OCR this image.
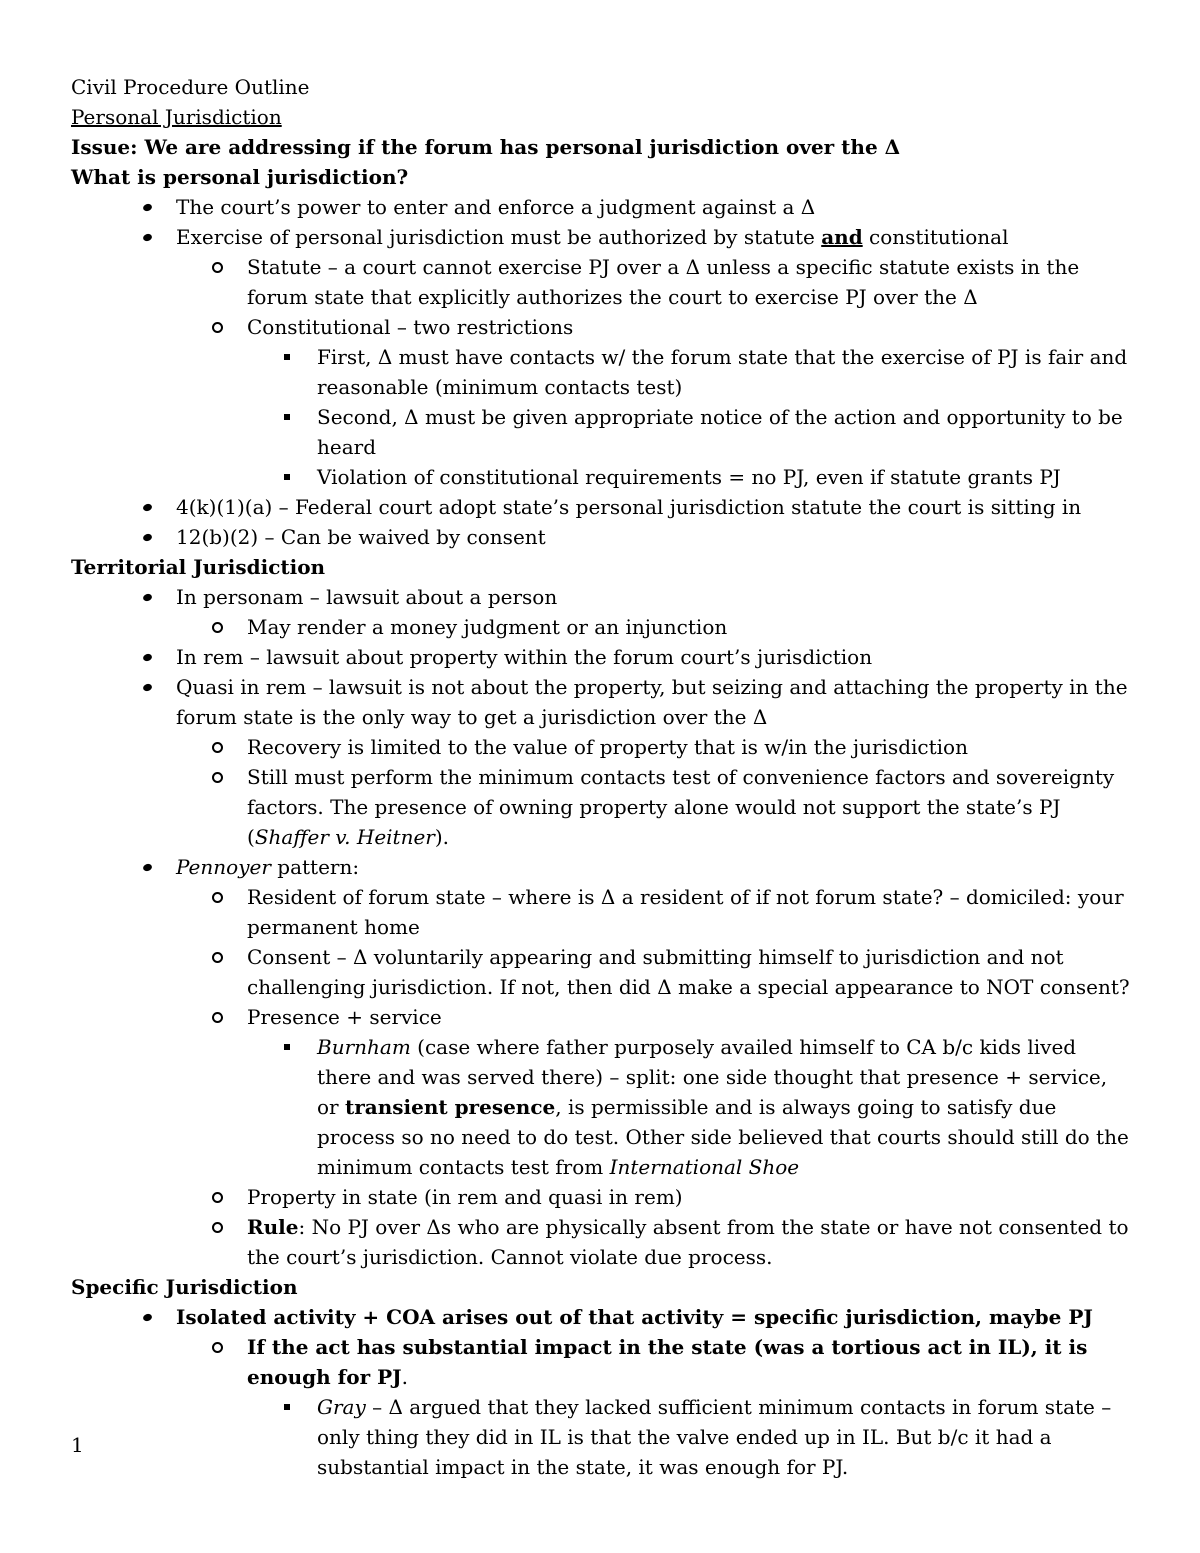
Civil Procedure Outline
Personal Jurisdiction
Issue: We are addressing if the forum has personal jurisdiction over the Δ
What is personal jurisdiction?
The court’s power to enter and enforce a judgment against a Δ
Exercise of personal jurisdiction must be authorized by statute and constitutional
Statute – a court cannot exercise PJ over a Δ unless a specific statute exists in the forum state that explicitly authorizes the court to exercise PJ over the Δ
Constitutional – two restrictions
First, Δ must have contacts w/ the forum state that the exercise of PJ is fair and reasonable (minimum contacts test)
Second, Δ must be given appropriate notice of the action and opportunity to be heard
Violation of constitutional requirements = no PJ, even if statute grants PJ
4(k)(1)(a) – Federal court adopt state’s personal jurisdiction statute the court is sitting in
12(b)(2) – Can be waived by consent
Territorial Jurisdiction
In personam – lawsuit about a person
May render a money judgment or an injunction
In rem – lawsuit about property within the forum court’s jurisdiction
Quasi in rem – lawsuit is not about the property, but seizing and attaching the property in the forum state is the only way to get a jurisdiction over the Δ
Recovery is limited to the value of property that is w/in the jurisdiction
Still must perform the minimum contacts test of convenience factors and sovereignty factors. The presence of owning property alone would not support the state’s PJ (Shaffer v. Heitner).
Pennoyer pattern:
Resident of forum state – where is Δ a resident of if not forum state? – domiciled: your permanent home
Consent – Δ voluntarily appearing and submitting himself to jurisdiction and not challenging jurisdiction. If not, then did Δ make a special appearance to NOT consent?
Presence + service
Burnham (case where father purposely availed himself to CA b/c kids lived there and was served there) – split: one side thought that presence + service, or transient presence, is permissible and is always going to satisfy due process so no need to do test. Other side believed that courts should still do the minimum contacts test from International Shoe
Property in state (in rem and quasi in rem)
Rule: No PJ over Δs who are physically absent from the state or have not consented to the court’s jurisdiction. Cannot violate due process.
Specific Jurisdiction
Isolated activity + COA arises out of that activity = specific jurisdiction, maybe PJ
If the act has substantial impact in the state (was a tortious act in IL), it is enough for PJ.
Gray – Δ argued that they lacked sufficient minimum contacts in forum state – only thing they did in IL is that the valve ended up in IL. But b/c it had a substantial impact in the state, it was enough for PJ.
1
